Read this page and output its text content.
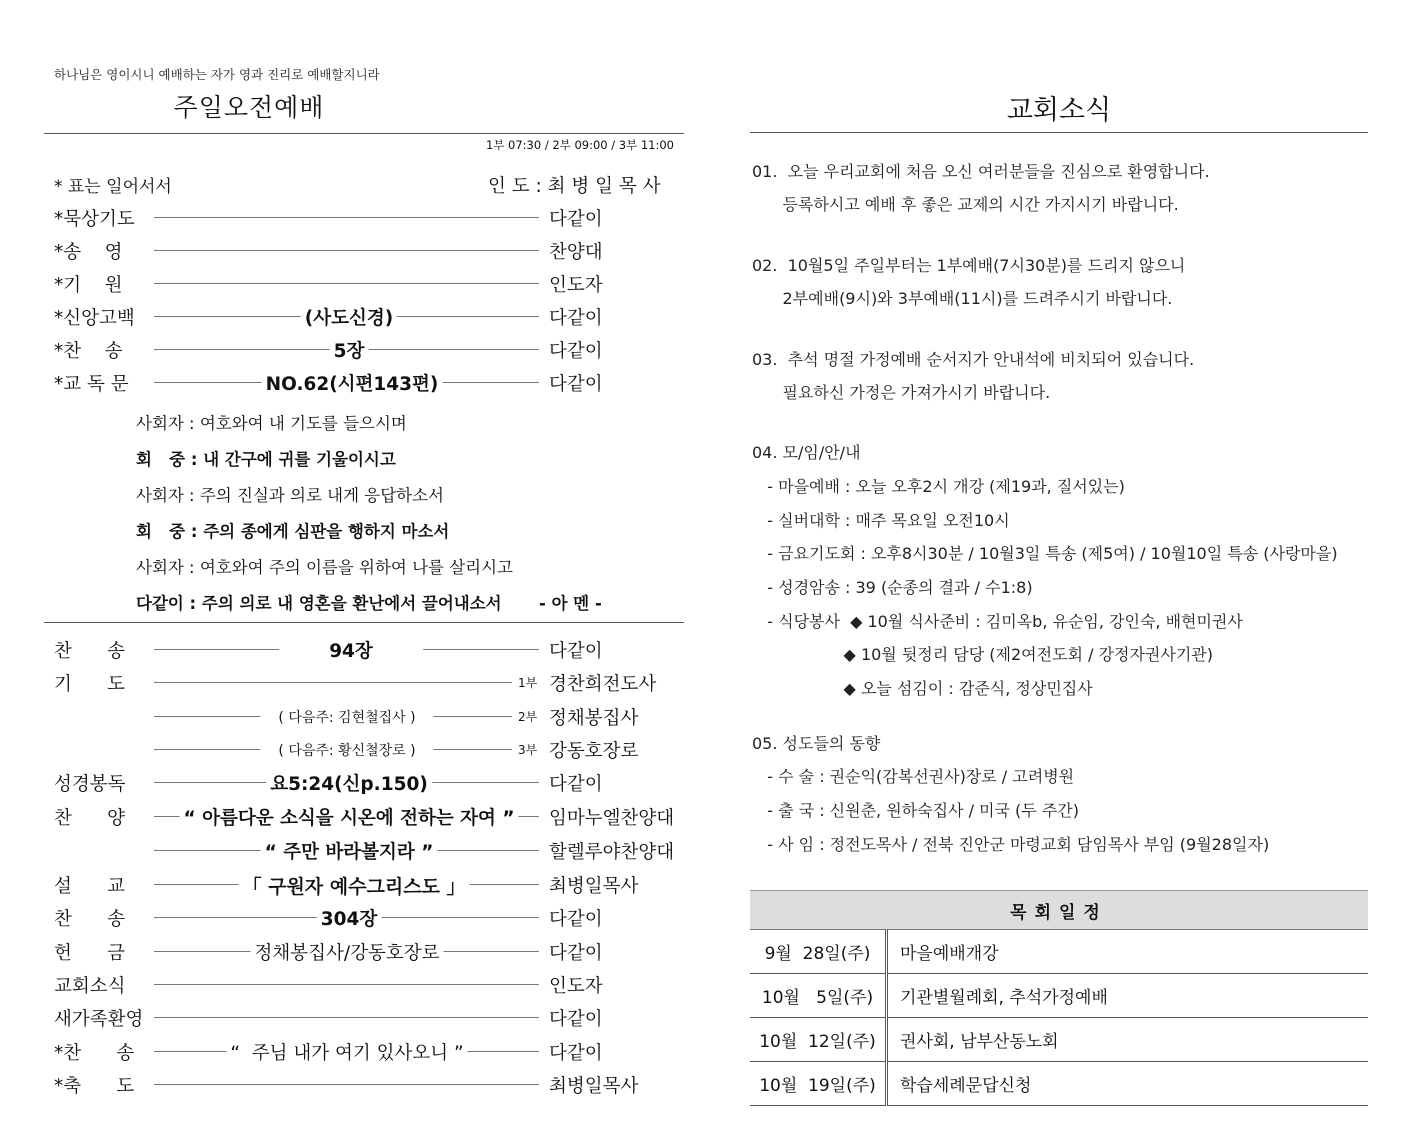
하나님은 영이시니 예배하는 자가 영과 진리로 예배할지니라
주일오전예배
1부 07:30 / 2부 09:00 / 3부 11:00
* 표는 일어서서	인 도 : 최 병 일 목 사
*묵상기도	다같이
*송    영	찬양대
*기    원	인도자
*신앙고백	(사도신경)	다같이
*찬    송	5장	다같이
*교 독 문	NO.62(시편143편)	다같이
사회자 : 여호와여 내 기도를 들으시며
회   중 : 내 간구에 귀를 기울이시고
사회자 : 주의 진실과 의로 내게 응답하소서
회   중 : 주의 종에게 심판을 행하지 마소서
사회자 : 여호와여 주의 이름을 위하여 나를 살리시고
다같이 : 주의 의로 내 영혼을 환난에서 끌어내소서 - 아 멘 -
찬      송	94장	다같이
기      도	1부 경찬희전도사
( 다음주: 김현철집사 )	2부 정채봉집사
( 다음주: 황신철장로 )	3부 강동호장로
성경봉독	요5:24(신p.150)	다같이
찬      양	“ 아름다운 소식을 시온에 전하는 자여 ” 임마누엘찬양대
“ 주만 바라볼지라 ”	할렐루야찬양대
설      교	「 구원자 예수그리스도 」	최병일목사
찬      송	304장	다같이
헌      금	정채봉집사/강동호장로	다같이
교회소식	인도자
새가족환영	다같이
*찬      송	“  주님 내가 여기 있사오니 ”	다같이
*축      도	최병일목사
교회소식
01.  오늘 우리교회에 처음 오신 여러분들을 진심으로 환영합니다.
등록하시고 예배 후 좋은 교제의 시간 가지시기 바랍니다.
02.  10월5일 주일부터는 1부예배(7시30분)를 드리지 않으니
2부예배(9시)와 3부예배(11시)를 드려주시기 바랍니다.
03.  추석 명절 가정예배 순서지가 안내석에 비치되어 있습니다.
필요하신 가정은 가져가시기 바랍니다.
04. 모/임/안/내
- 마을예배 : 오늘 오후2시 개강 (제19과, 질서있는)
- 실버대학 : 매주 목요일 오전10시
- 금요기도회 : 오후8시30분 / 10월3일 특송 (제5여) / 10월10일 특송 (사랑마을)
- 성경암송 : 39 (순종의 결과 / 수1:8)
- 식당봉사  ◆ 10월 식사준비 : 김미옥b, 유순임, 강인숙, 배현미권사
◆ 10월 뒷정리 담당 (제2여전도회 / 강정자권사기관)
◆ 오늘 섬김이 : 감준식, 정상민집사
05. 성도들의 동향
- 수 술 : 권순익(감복선권사)장로 / 고려병원
- 출 국 : 신원춘, 원하숙집사 / 미국 (두 주간)
- 사 임 : 정전도목사 / 전북 진안군 마령교회 담임목사 부임 (9월28일자)
목회일정	
9월  28일(주)	마을예배개강
10월   5일(주)	기관별월례회, 추석가정예배
10월  12일(주)	권사회, 남부산동노회
10월  19일(주)	학습세례문답신청
